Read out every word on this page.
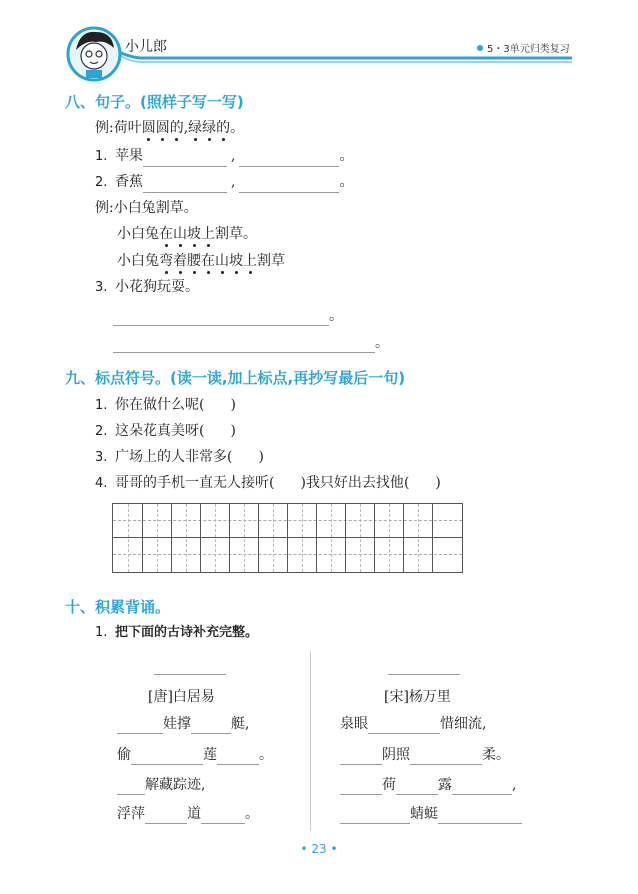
小儿郎	5・3单元归类复习
八、句子。(照样子写一写)
例:荷叶圆圆的,绿绿的。
1. 苹果	,	。
2. 香蕉	,	。
例:小白兔割草。
小白兔在山坡上割草。
小白兔弯着腰在山坡上割草
3. 小花狗玩耍。
。
。
九、标点符号。(读一读,加上标点,再抄写最后一句)
1. 你在做什么呢( )
2. 这朵花真美呀( )
3. 广场上的人非常多( )
4. 哥哥的手机一直无人接听( )我只好出去找他( )
十、积累背诵。
1. 把下面的古诗补充完整。
[唐]白居易
娃撑	艇,
偷	莲	。
解藏踪迹,
浮萍	道	。
[宋]杨万里
泉眼	惜细流,
阴照	柔。
荷	露	,
蜻蜓
• 23 •
